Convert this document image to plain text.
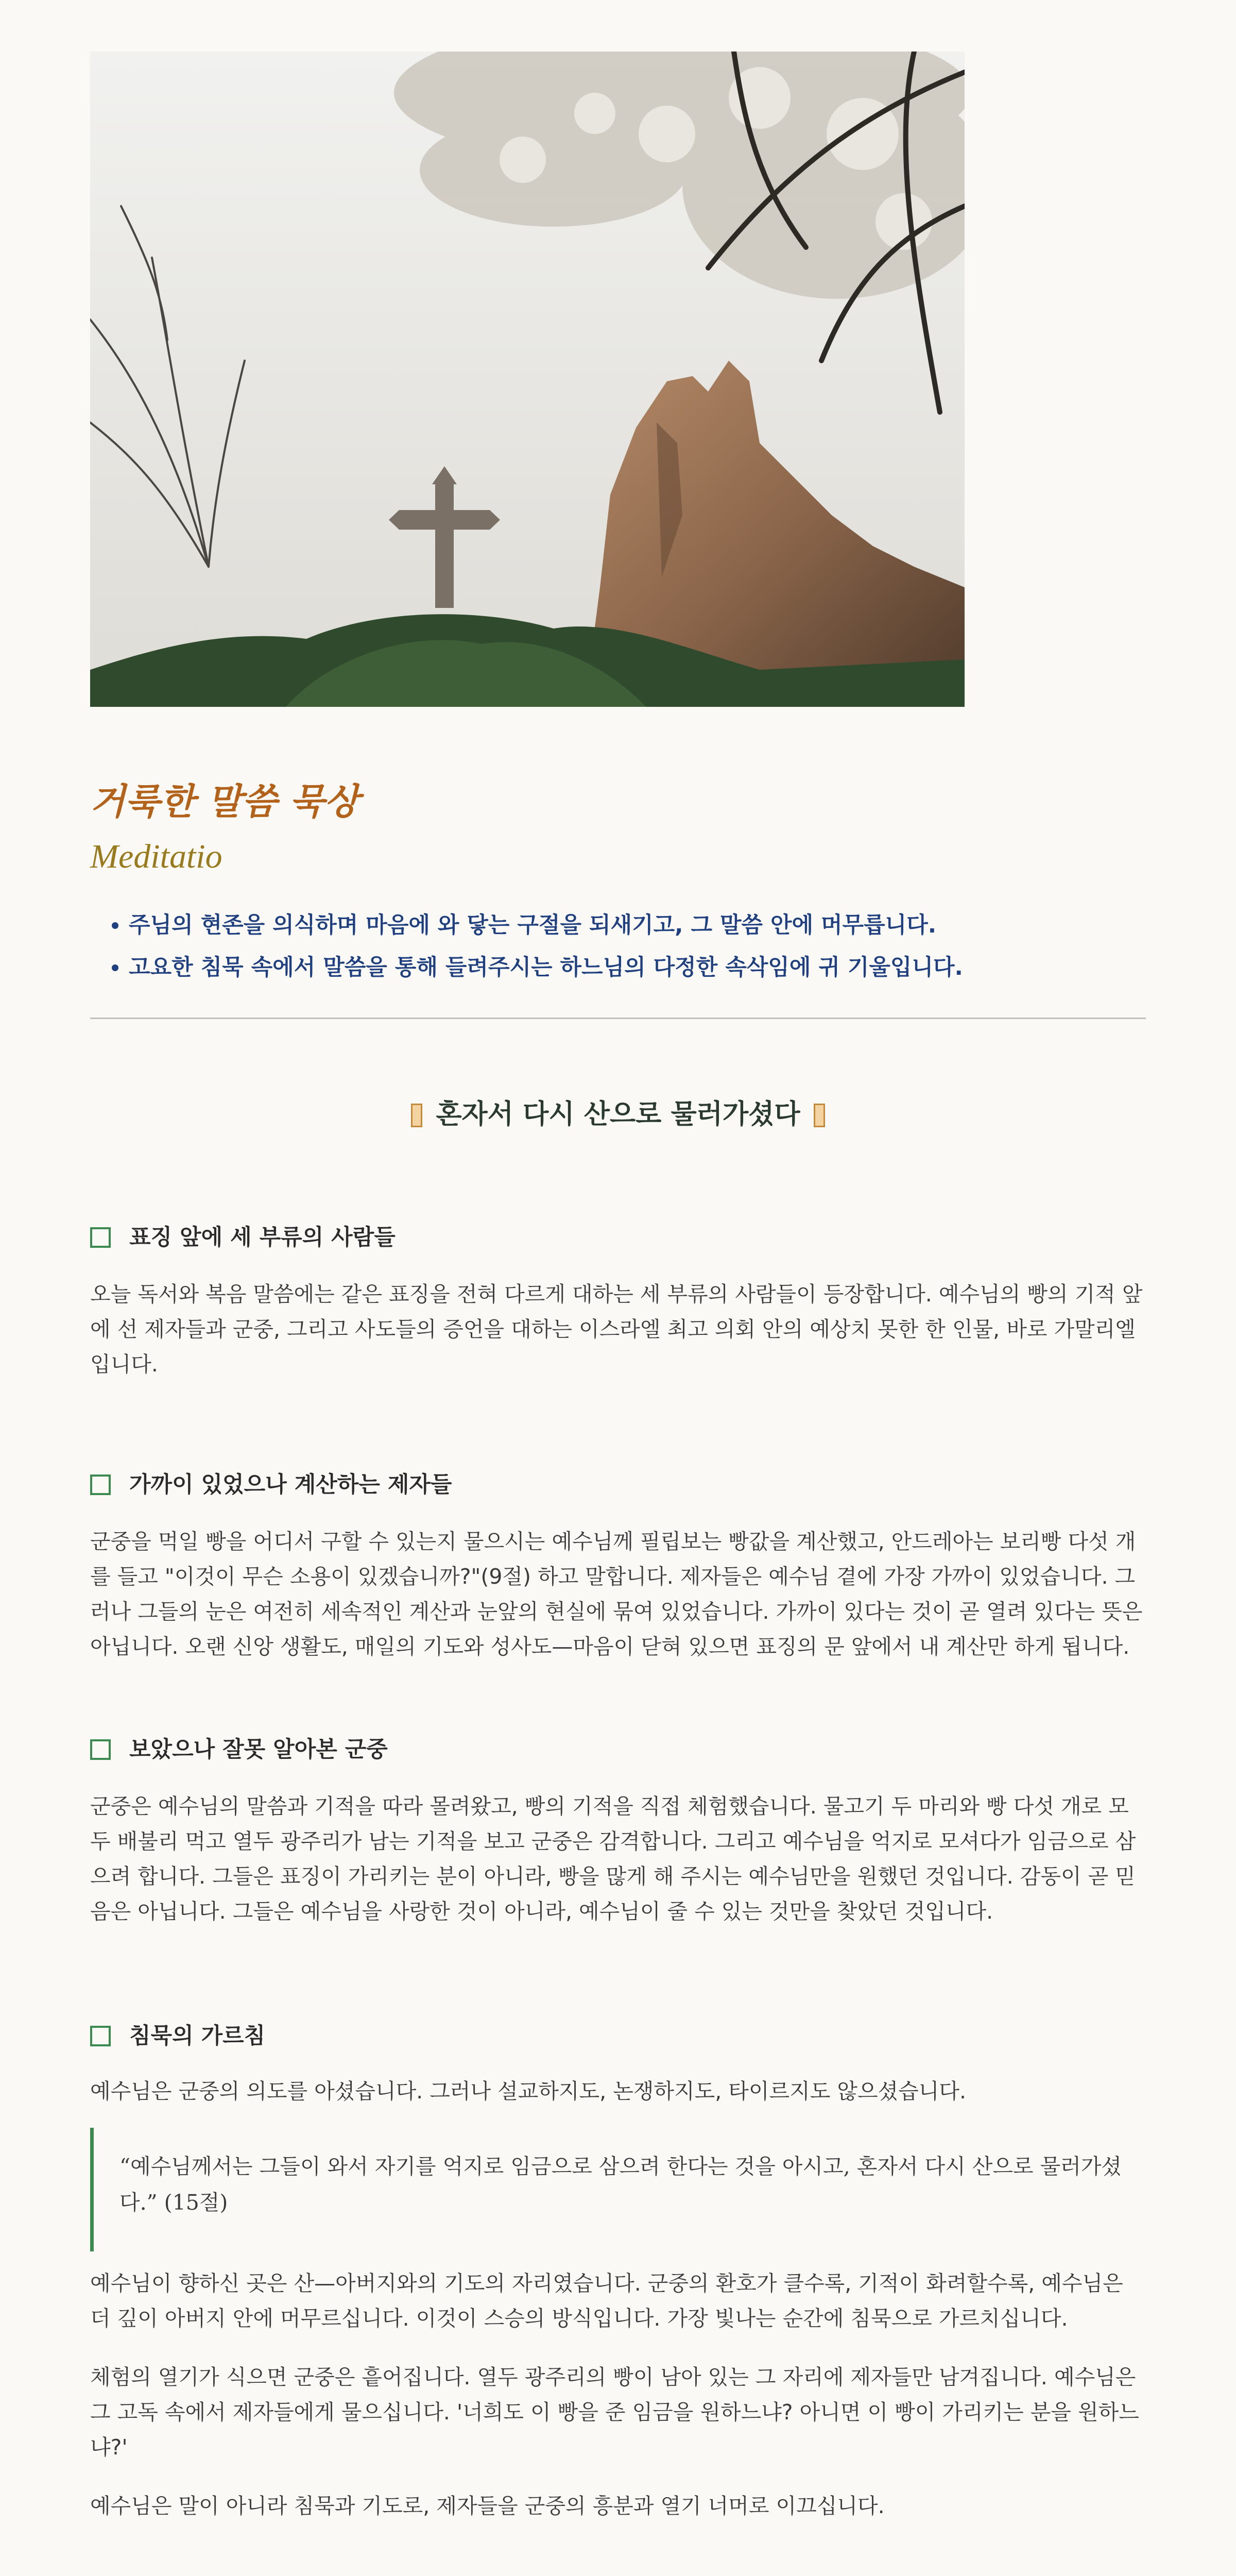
거룩한 말씀 묵상
Meditatio
• 주님의 현존을 의식하며 마음에 와 닿는 구절을 되새기고, 그 말씀 안에 머무릅니다.
• 고요한 침묵 속에서 말씀을 통해 들려주시는 하느님의 다정한 속삭임에 귀 기울입니다.
혼자서 다시 산으로 물러가셨다
표징 앞에 세 부류의 사람들

오늘 독서와 복음 말씀에는 같은 표징을 전혀 다르게 대하는 세 부류의 사람들이 등장합니다. 예수님의 빵의 기적 앞에 선 제자들과 군중, 그리고 사도들의 증언을 대하는 이스라엘 최고 의회 안의 예상치 못한 한 인물, 바로 가말리엘입니다.

가까이 있었으나 계산하는 제자들

군중을 먹일 빵을 어디서 구할 수 있는지 물으시는 예수님께 필립보는 빵값을 계산했고, 안드레아는 보리빵 다섯 개를 들고 "이것이 무슨 소용이 있겠습니까?"(9절) 하고 말합니다. 제자들은 예수님 곁에 가장 가까이 있었습니다. 그러나 그들의 눈은 여전히 세속적인 계산과 눈앞의 현실에 묶여 있었습니다. 가까이 있다는 것이 곧 열려 있다는 뜻은 아닙니다. 오랜 신앙 생활도, 매일의 기도와 성사도—마음이 닫혀 있으면 표징의 문 앞에서 내 계산만 하게 됩니다.

보았으나 잘못 알아본 군중

군중은 예수님의 말씀과 기적을 따라 몰려왔고, 빵의 기적을 직접 체험했습니다. 물고기 두 마리와 빵 다섯 개로 모두 배불리 먹고 열두 광주리가 남는 기적을 보고 군중은 감격합니다. 그리고 예수님을 억지로 모셔다가 임금으로 삼으려 합니다. 그들은 표징이 가리키는 분이 아니라, 빵을 많게 해 주시는 예수님만을 원했던 것입니다. 감동이 곧 믿음은 아닙니다. 그들은 예수님을 사랑한 것이 아니라, 예수님이 줄 수 있는 것만을 찾았던 것입니다.

침묵의 가르침

예수님은 군중의 의도를 아셨습니다. 그러나 설교하지도, 논쟁하지도, 타이르지도 않으셨습니다.

“예수님께서는 그들이 와서 자기를 억지로 임금으로 삼으려 한다는 것을 아시고, 혼자서 다시 산으로 물러가셨다.” (15절)

예수님이 향하신 곳은 산—아버지와의 기도의 자리였습니다. 군중의 환호가 클수록, 기적이 화려할수록, 예수님은 더 깊이 아버지 안에 머무르십니다. 이것이 스승의 방식입니다. 가장 빛나는 순간에 침묵으로 가르치십니다.

체험의 열기가 식으면 군중은 흩어집니다. 열두 광주리의 빵이 남아 있는 그 자리에 제자들만 남겨집니다. 예수님은 그 고독 속에서 제자들에게 물으십니다. '너희도 이 빵을 준 임금을 원하느냐? 아니면 이 빵이 가리키는 분을 원하느냐?'

예수님은 말이 아니라 침묵과 기도로, 제자들을 군중의 흥분과 열기 너머로 이끄십니다.
